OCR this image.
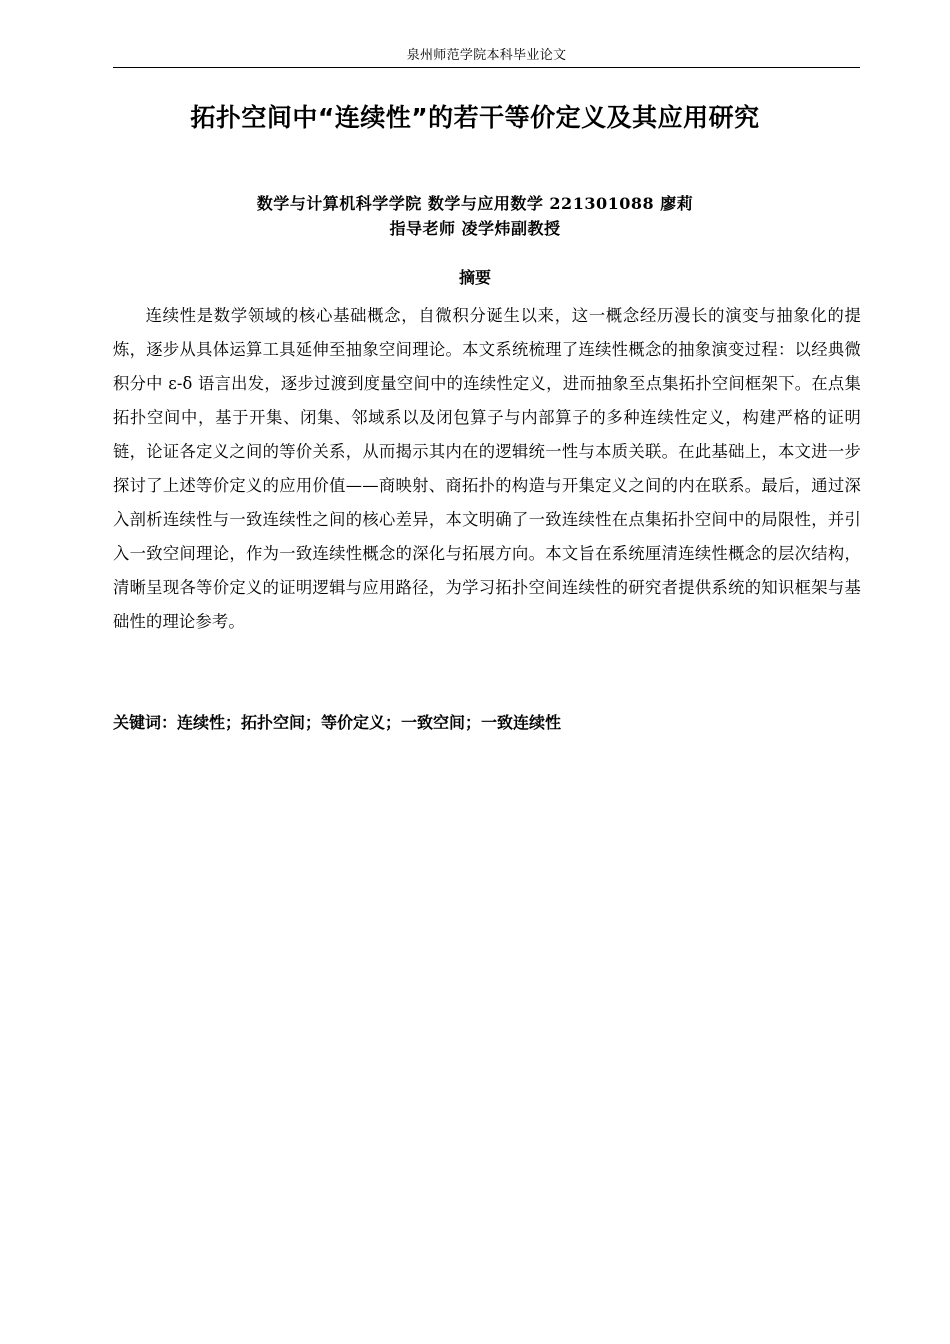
泉州师范学院本科毕业论文
拓扑空间中“连续性”的若干等价定义及其应用研究
数学与计算机科学学院 数学与应用数学 221301088 廖莉
指导老师 凌学炜副教授
摘要

连续性是数学领域的核心基础概念，自微积分诞生以来，这一概念经历漫长的演变与抽象化的提炼，逐步从具体运算工具延伸至抽象空间理论。本文系统梳理了连续性概念的抽象演变过程：以经典微积分中 ε-δ 语言出发，逐步过渡到度量空间中的连续性定义，进而抽象至点集拓扑空间框架下。在点集拓扑空间中，基于开集、闭集、邻域系以及闭包算子与内部算子的多种连续性定义，构建严格的证明链，论证各定义之间的等价关系，从而揭示其内在的逻辑统一性与本质关联。在此基础上，本文进一步探讨了上述等价定义的应用价值——商映射、商拓扑的构造与开集定义之间的内在联系。最后，通过深入剖析连续性与一致连续性之间的核心差异，本文明确了一致连续性在点集拓扑空间中的局限性，并引入一致空间理论，作为一致连续性概念的深化与拓展方向。本文旨在系统厘清连续性概念的层次结构，清晰呈现各等价定义的证明逻辑与应用路径，为学习拓扑空间连续性的研究者提供系统的知识框架与基础性的理论参考。

关键词：连续性；拓扑空间；等价定义；一致空间；一致连续性
